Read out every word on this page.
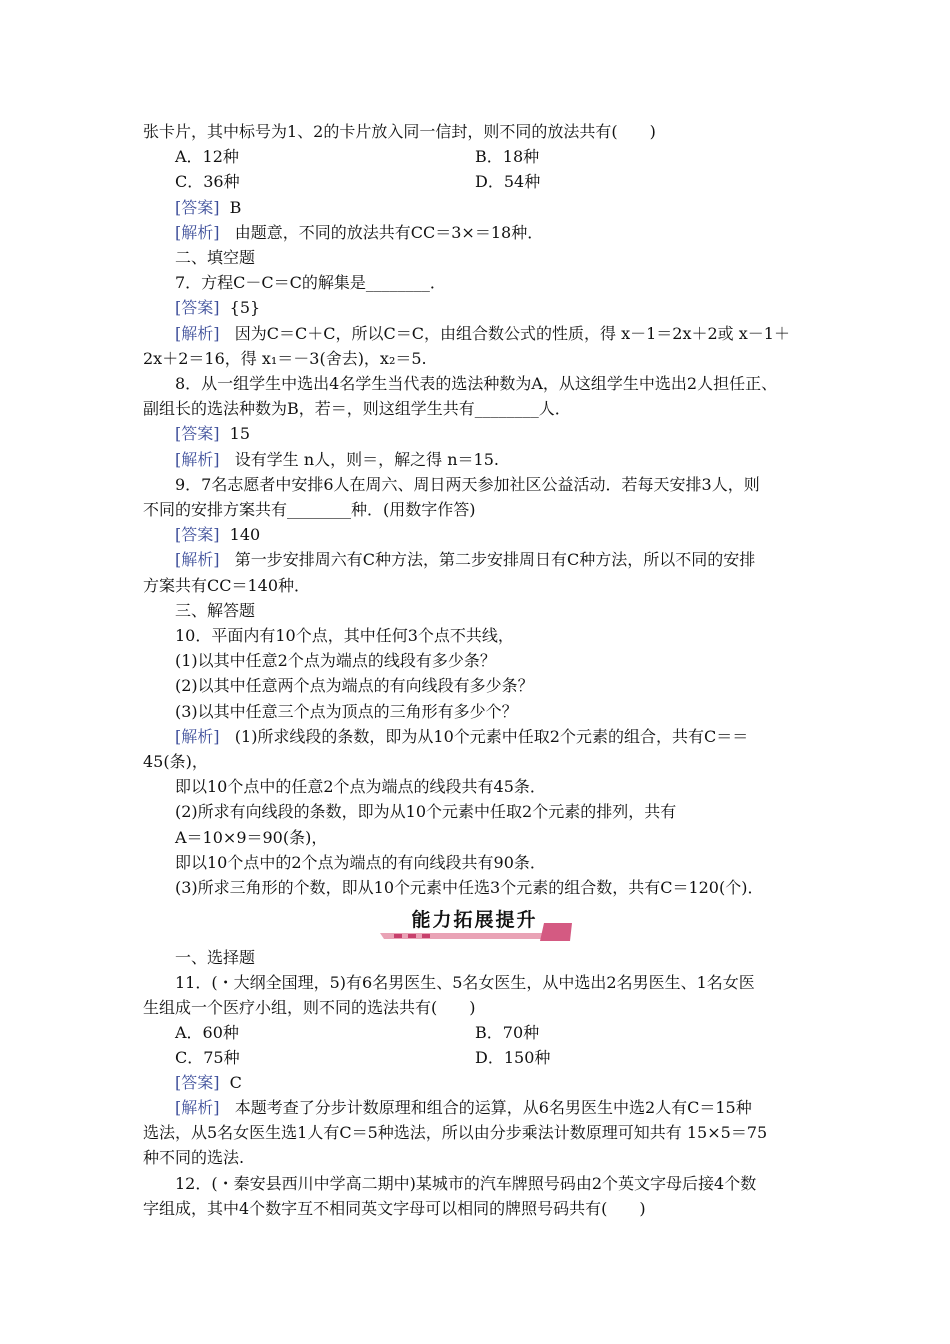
张卡片，其中标号为1、2的卡片放入同一信封，则不同的放法共有(　　)
A．12种	B．18种
C．36种	D．54种
[答案] B
[解析] 由题意，不同的放法共有CC＝3×＝18种．
二、填空题
7．方程C－C＝C的解集是________．
[答案] {5}
[解析] 因为C＝C＋C，所以C＝C，由组合数公式的性质，得 x－1＝2x＋2或 x－1＋
2x＋2＝16，得 x₁＝－3(舍去)，x₂＝5.
8．从一组学生中选出4名学生当代表的选法种数为A，从这组学生中选出2人担任正、
副组长的选法种数为B，若＝，则这组学生共有________人．
[答案] 15
[解析] 设有学生 n人，则＝，解之得 n＝15.
9．7名志愿者中安排6人在周六、周日两天参加社区公益活动．若每天安排3人，则
不同的安排方案共有________种．(用数字作答)
[答案] 140
[解析] 第一步安排周六有C种方法，第二步安排周日有C种方法，所以不同的安排
方案共有CC＝140种．
三、解答题
10．平面内有10个点，其中任何3个点不共线，
(1)以其中任意2个点为端点的线段有多少条？
(2)以其中任意两个点为端点的有向线段有多少条？
(3)以其中任意三个点为顶点的三角形有多少个？
[解析] (1)所求线段的条数，即为从10个元素中任取2个元素的组合，共有C＝＝
45(条)，
即以10个点中的任意2个点为端点的线段共有45条．
(2)所求有向线段的条数，即为从10个元素中任取2个元素的排列，共有
A＝10×9＝90(条)，
即以10个点中的2个点为端点的有向线段共有90条．
(3)所求三角形的个数，即从10个元素中任选3个元素的组合数，共有C＝120(个)．
能力拓展提升
一、选择题
11．(・大纲全国理，5)有6名男医生、5名女医生，从中选出2名男医生、1名女医
生组成一个医疗小组，则不同的选法共有(　　)
A．60种	B．70种
C．75种	D．150种
[答案] C
[解析] 本题考查了分步计数原理和组合的运算，从6名男医生中选2人有C＝15种
选法，从5名女医生选1人有C＝5种选法，所以由分步乘法计数原理可知共有 15×5＝75
种不同的选法.
12．(・秦安县西川中学高二期中)某城市的汽车牌照号码由2个英文字母后接4个数
字组成，其中4个数字互不相同英文字母可以相同的牌照号码共有(　　)
